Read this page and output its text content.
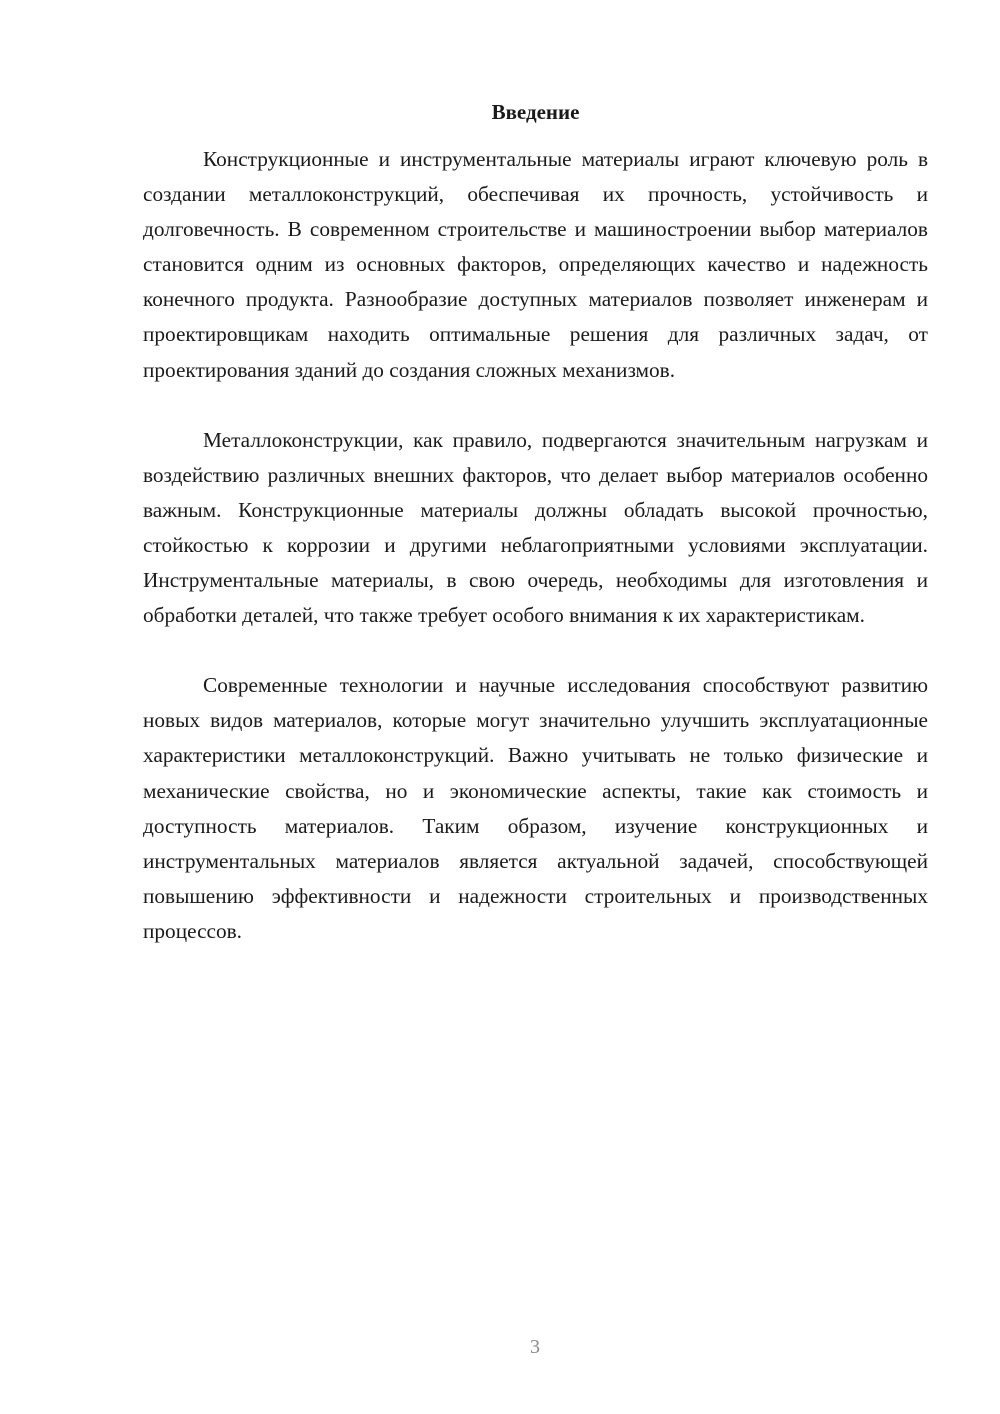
Введение

Конструкционные и инструментальные материалы играют ключевую роль в создании металлоконструкций, обеспечивая их прочность, устойчивость и долговечность. В современном строительстве и машиностроении выбор материалов становится одним из основных факторов, определяющих качество и надежность конечного продукта. Разнообразие доступных материалов позволяет инженерам и проектировщикам находить оптимальные решения для различных задач, от проектирования зданий до создания сложных механизмов.

Металлоконструкции, как правило, подвергаются значительным нагрузкам и воздействию различных внешних факторов, что делает выбор материалов особенно важным. Конструкционные материалы должны обладать высокой прочностью, стойкостью к коррозии и другими неблагоприятными условиями эксплуатации. Инструментальные материалы, в свою очередь, необходимы для изготовления и обработки деталей, что также требует особого внимания к их характеристикам.

Современные технологии и научные исследования способствуют развитию новых видов материалов, которые могут значительно улучшить эксплуатационные характеристики металлоконструкций. Важно учитывать не только физические и механические свойства, но и экономические аспекты, такие как стоимость и доступность материалов. Таким образом, изучение конструкционных и инструментальных материалов является актуальной задачей, способствующей повышению эффективности и надежности строительных и производственных процессов.

3
